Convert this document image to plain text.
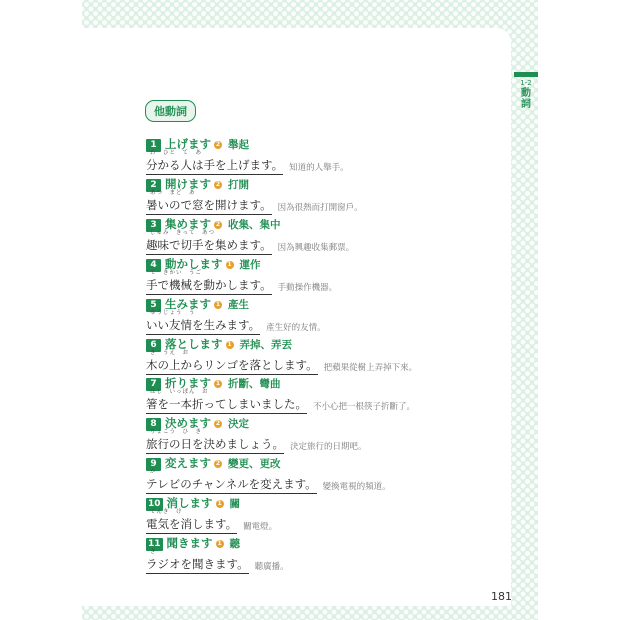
1-2
動詞
他動詞
1 上げます 2 舉起
わ　ひと　て　あ
分かる人は手を上げます。 知道的人舉手。
2 開けます 2 打開
あつ　まど　あ
暑いので窓を開けます。 因為很熱而打開窗戶。
3 集めます 2 收集、集中
しゅみ　きって　あつ
趣味で切手を集めます。 因為興趣收集郵票。
4 動かします 1 運作
て　きかい　うご
手で機械を動かします。 手動操作機器。
5 生みます 1 產生
ゆうじょう　う
いい友情を生みます。 產生好的友情。
6 落とします 1 弄掉、弄丟
き　うえ　お
木の上からリンゴを落とします。 把蘋果從樹上弄掉下來。
7 折ります 1 折斷、彎曲
はし　いっぽん　お
箸を一本折ってしまいました。 不小心把一根筷子折斷了。
8 決めます 2 決定
りょこう　ひ　き
旅行の日を決めましょう。 決定旅行的日期吧。
9 変えます 2 變更、更改
か
テレビのチャンネルを変えます。 變換電視的頻道。
10 消します 1 關
でんき　け
電気を消します。 關電燈。
11 聞きます 1 聽
き
ラジオを聞きます。 聽廣播。
181
